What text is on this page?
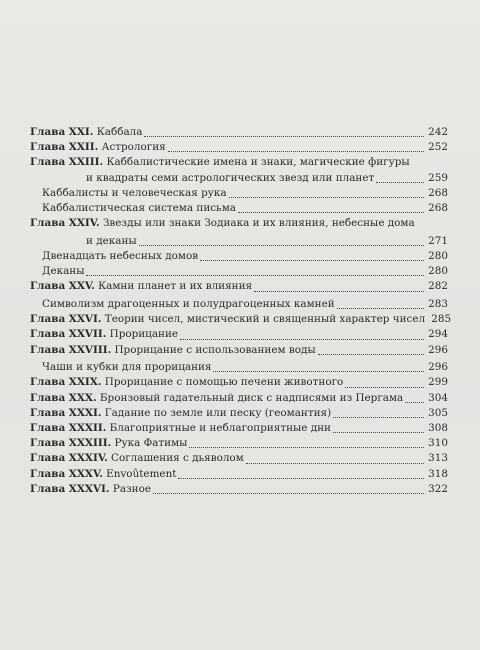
Глава XXI. Каббала	242
Глава XXII. Астрология	252
Глава XXIII. Каббалистические имена и знаки, магические фигуры
и квадраты семи астрологических звезд или планет	259
Каббалисты и человеческая рука	268
Каббалистическая система письма	268
Глава XXIV. Звезды или знаки Зодиака и их влияния, небесные дома
и деканы	271
Двенадцать небесных домов	280
Деканы	280
Глава XXV. Камни планет и их влияния	282
Символизм драгоценных и полудрагоценных камней	283
Глава XXVI. Теории чисел, мистический и священный характер чисел 285
Глава XXVII. Прорицание	294
Глава XXVIII. Прорицание с использованием воды	296
Чаши и кубки для прорицания	296
Глава XXIX. Прорицание с помощью печени животного	299
Глава XXX. Бронзовый гадательный диск с надписями из Пергама 304
Глава XXXI. Гадание по земле или песку (геомантия)	305
Глава XXXII. Благоприятные и неблагоприятные дни	308
Глава XXXIII. Рука Фатимы	310
Глава XXXIV. Соглашения с дьяволом	313
Глава XXXV. Envoûtement	318
Глава XXXVI. Разное	322
